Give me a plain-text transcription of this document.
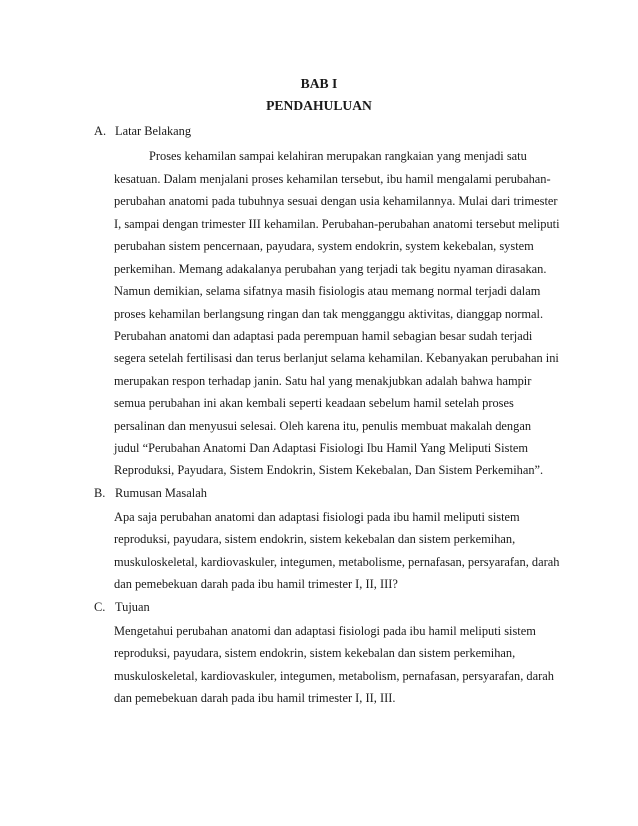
BAB I
PENDAHULUAN
A. Latar Belakang
Proses kehamilan sampai kelahiran merupakan rangkaian yang menjadi satu
kesatuan. Dalam menjalani proses kehamilan tersebut, ibu hamil mengalami perubahan-
perubahan anatomi pada tubuhnya sesuai dengan usia kehamilannya. Mulai dari trimester
I, sampai dengan trimester III kehamilan. Perubahan-perubahan anatomi tersebut meliputi
perubahan sistem pencernaan, payudara, system endokrin, system kekebalan, system
perkemihan. Memang adakalanya perubahan yang terjadi tak begitu nyaman dirasakan.
Namun demikian, selama sifatnya masih fisiologis atau memang normal terjadi dalam
proses kehamilan berlangsung ringan dan tak mengganggu aktivitas, dianggap normal.
Perubahan anatomi dan adaptasi pada perempuan hamil sebagian besar sudah terjadi
segera setelah fertilisasi dan terus berlanjut selama kehamilan. Kebanyakan perubahan ini
merupakan respon terhadap janin. Satu hal yang menakjubkan adalah bahwa hampir
semua perubahan ini akan kembali seperti keadaan sebelum hamil setelah proses
persalinan dan menyusui selesai. Oleh karena itu, penulis membuat makalah dengan
judul “Perubahan Anatomi Dan Adaptasi Fisiologi Ibu Hamil Yang Meliputi Sistem
Reproduksi, Payudara, Sistem Endokrin, Sistem Kekebalan, Dan Sistem Perkemihan”.
B. Rumusan Masalah
Apa saja perubahan anatomi dan adaptasi fisiologi pada ibu hamil meliputi sistem
reproduksi, payudara, sistem endokrin, sistem kekebalan dan sistem perkemihan,
muskuloskeletal, kardiovaskuler, integumen, metabolisme, pernafasan, persyarafan, darah
dan pemebekuan darah pada ibu hamil trimester I, II, III?
C. Tujuan
Mengetahui perubahan anatomi dan adaptasi fisiologi pada ibu hamil meliputi sistem
reproduksi, payudara, sistem endokrin, sistem kekebalan dan sistem perkemihan,
muskuloskeletal, kardiovaskuler, integumen, metabolism, pernafasan, persyarafan, darah
dan pemebekuan darah pada ibu hamil trimester I, II, III.
